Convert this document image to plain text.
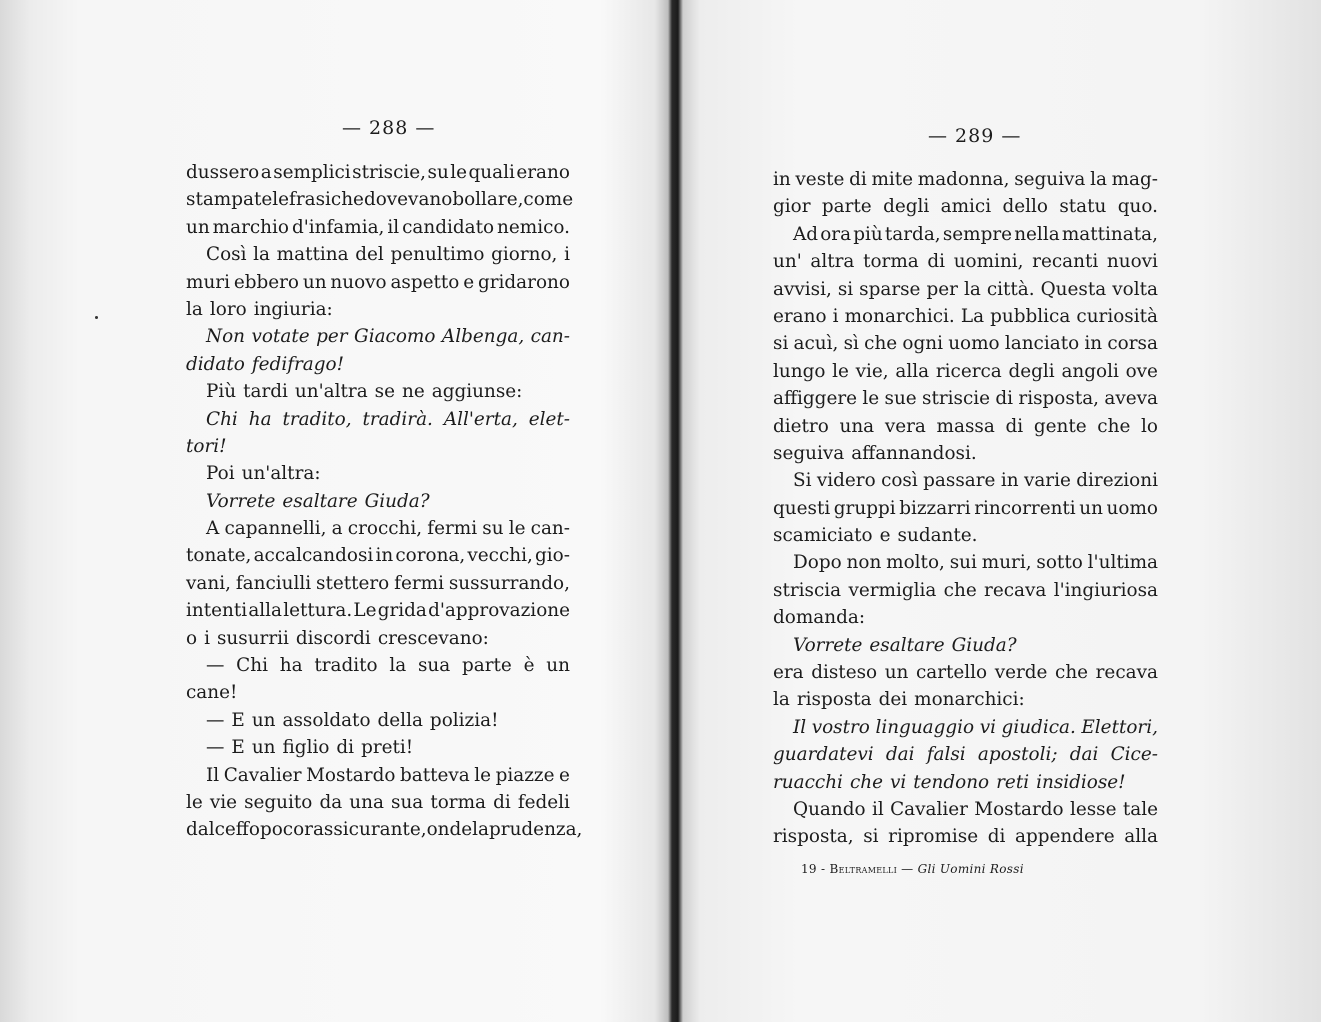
— 288 —
dussero a semplici striscie, su le quali erano
stampate le frasi che dovevano bollare, come
un marchio d'infamia, il candidato nemico.
Così la mattina del penultimo giorno, i
muri ebbero un nuovo aspetto e gridarono
la loro ingiuria:
Non votate per Giacomo Albenga, can-
didato fedifrago!
Più tardi un'altra se ne aggiunse:
Chi ha tradito, tradirà. All'erta, elet-
tori!
Poi un'altra:
Vorrete esaltare Giuda?
A capannelli, a crocchi, fermi su le can-
tonate, accalcandosi in corona, vecchi, gio-
vani, fanciulli stettero fermi sussurrando,
intenti alla lettura. Le grida d'approvazione
o i susurrii discordi crescevano:
— Chi ha tradito la sua parte è un
cane!
— E un assoldato della polizia!
— E un figlio di preti!
Il Cavalier Mostardo batteva le piazze e
le vie seguito da una sua torma di fedeli
dal ceffo poco rassicurante, onde la prudenza,
— 289 —
in veste di mite madonna, seguiva la mag-
gior parte degli amici dello statu quo.
Ad ora più tarda, sempre nella mattinata,
un' altra torma di uomini, recanti nuovi
avvisi, si sparse per la città. Questa volta
erano i monarchici. La pubblica curiosità
si acuì, sì che ogni uomo lanciato in corsa
lungo le vie, alla ricerca degli angoli ove
affiggere le sue striscie di risposta, aveva
dietro una vera massa di gente che lo
seguiva affannandosi.
Si videro così passare in varie direzioni
questi gruppi bizzarri rincorrenti un uomo
scamiciato e sudante.
Dopo non molto, sui muri, sotto l'ultima
striscia vermiglia che recava l'ingiuriosa
domanda:
Vorrete esaltare Giuda?
era disteso un cartello verde che recava
la risposta dei monarchici:
Il vostro linguaggio vi giudica. Elettori,
guardatevi dai falsi apostoli; dai Cice-
ruacchi che vi tendono reti insidiose!
Quando il Cavalier Mostardo lesse tale
risposta, si ripromise di appendere alla
19 - Beltramelli — Gli Uomini Rossi
